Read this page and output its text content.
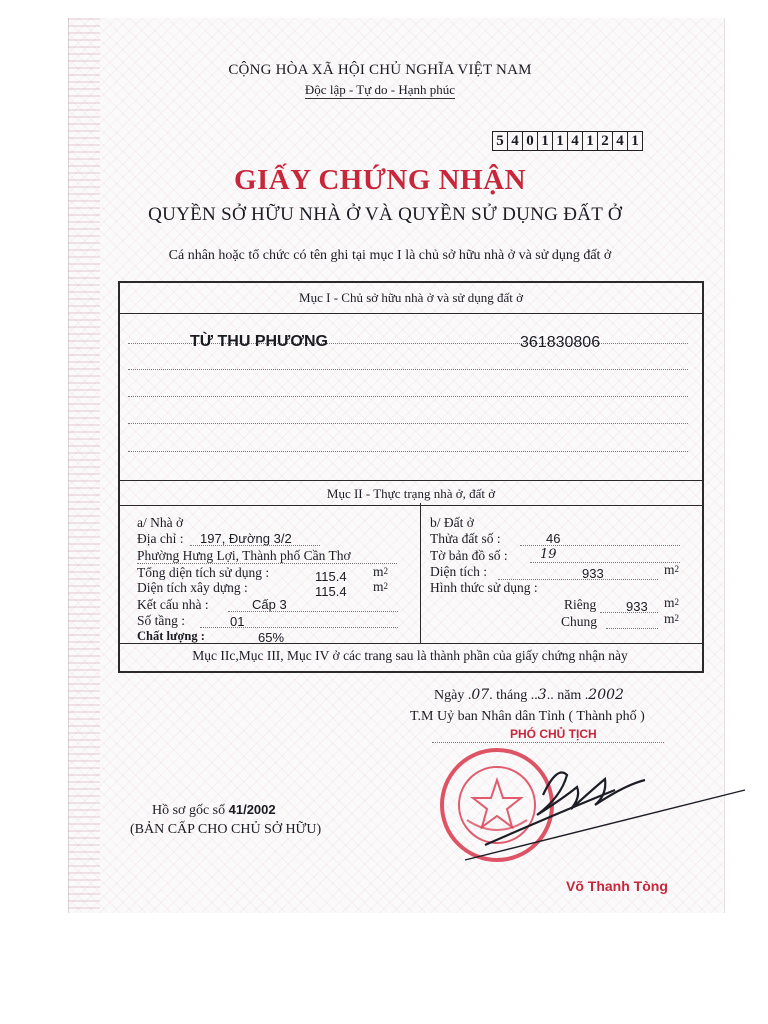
CỘNG HÒA XÃ HỘI CHỦ NGHĨA VIỆT NAM
Độc lập - Tự do - Hạnh phúc
5 4 0 1 1 4 1 2 4 1
GIẤY CHỨNG NHẬN
QUYỀN SỞ HỮU NHÀ Ở VÀ QUYỀN SỬ DỤNG ĐẤT Ở
Cá nhân hoặc tổ chức có tên ghi tại mục I là chủ sở hữu nhà ở và sử dụng đất ở
Mục I - Chủ sở hữu nhà ở và sử dụng đất ở
Mục II - Thực trạng nhà ở, đất ở
TỪ THU PHƯƠNG	361830806
a/ Nhà ở
Địa chỉ : 197, Đường 3/2
Phường Hưng Lợi, Thành phố Cần Thơ
Tổng diện tích sử dụng :	115.4 $m^2$
Diện tích xây dựng :	115.4 $m^2$
Kết cấu nhà :	Cấp 3
Số tầng :	01
Chất lượng :	65%
b/ Đất ở
Thửa đất số :	46
Tờ bản đồ số : 19
Diện tích :	933	$m^2$
Hình thức sử dụng :
Riêng 933 $m^2$
Chung	$m^2$
Mục IIc,Mục III, Mục IV ở các trang sau là thành phần của giấy chứng nhận này
Ngày .07. tháng ..3.. năm .2002
T.M Uỷ ban Nhân dân Tỉnh ( Thành phố )
PHÓ CHỦ TỊCH
Võ Thanh Tòng
Hồ sơ gốc số 41/2002
(BẢN CẤP CHO CHỦ SỞ HỮU)
